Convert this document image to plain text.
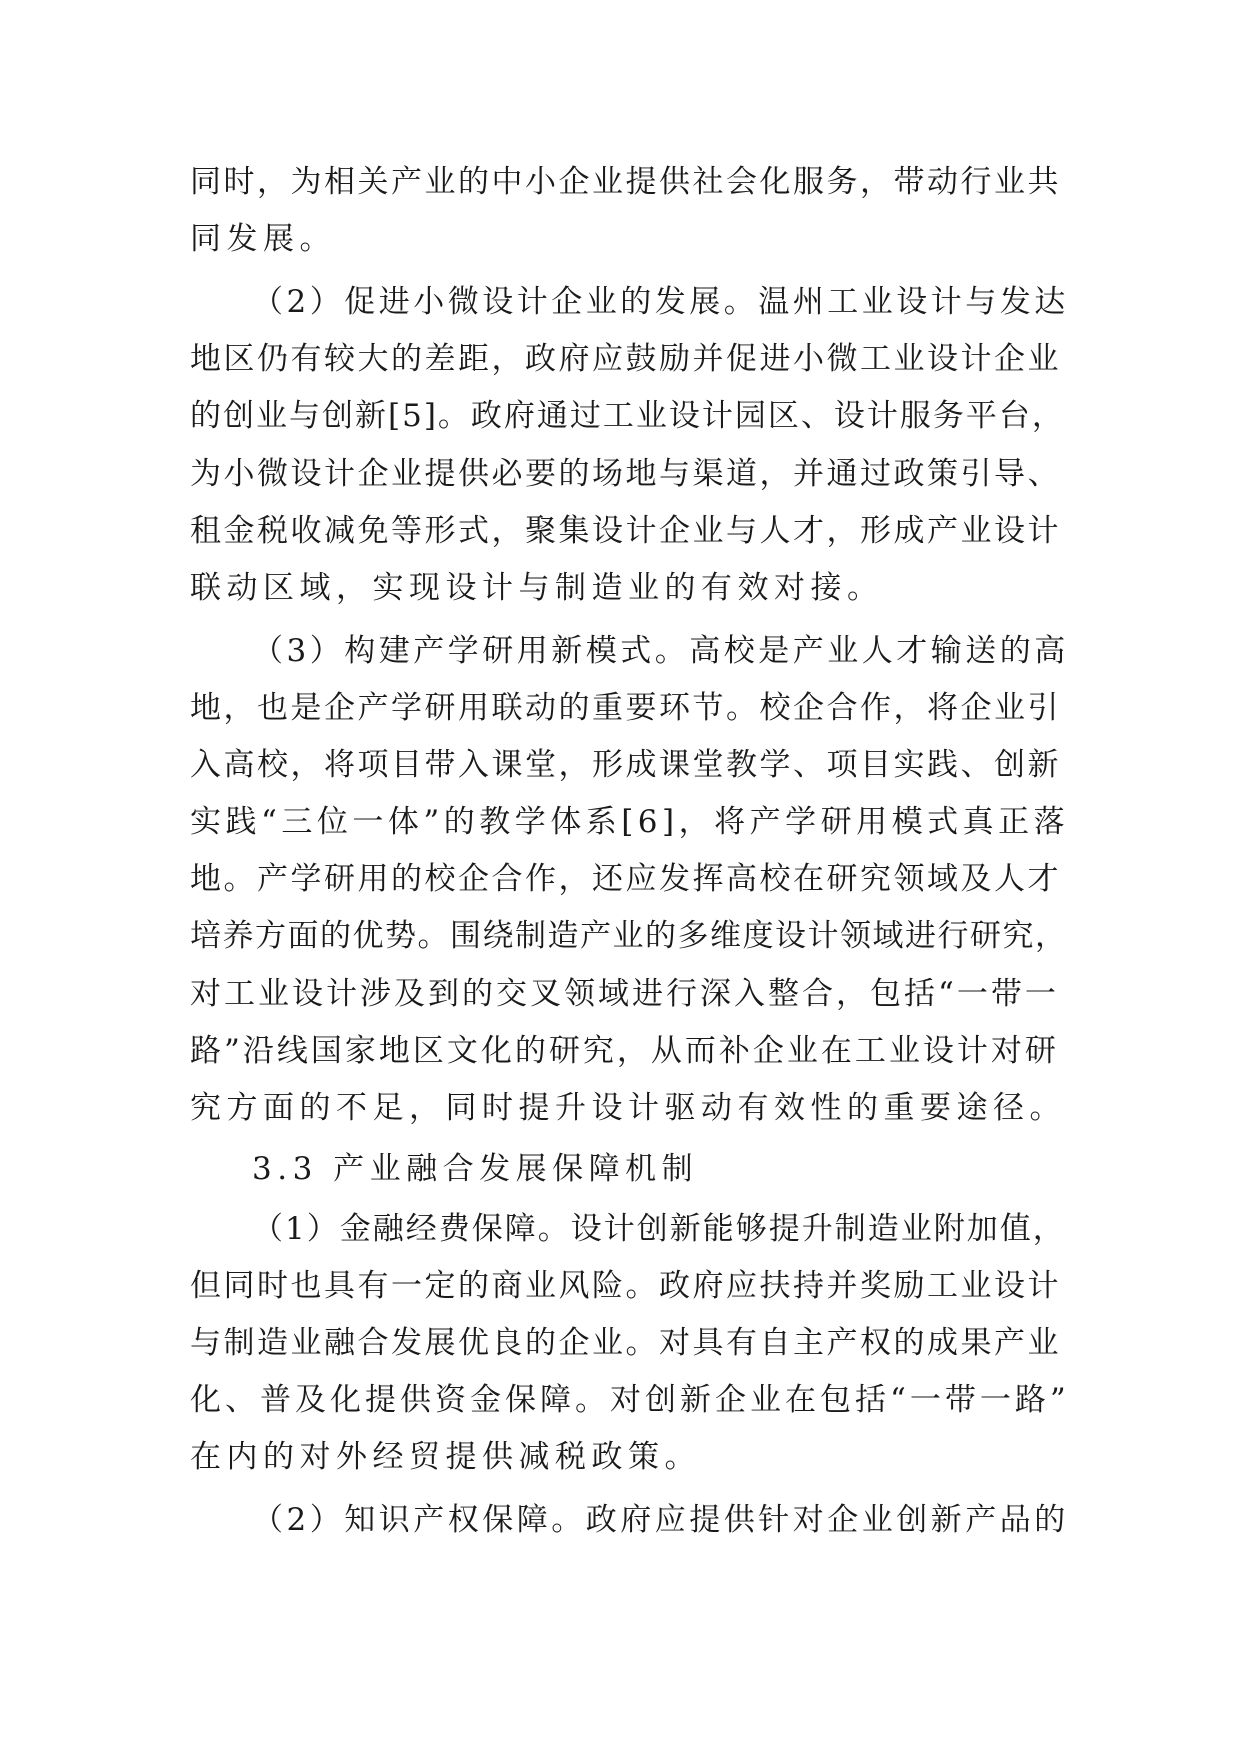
同时，为相关产业的中小企业提供社会化服务，带动行业共
同发展。
（2）促进小微设计企业的发展。温州工业设计与发达
地区仍有较大的差距，政府应鼓励并促进小微工业设计企业
的创业与创新[5]。政府通过工业设计园区、设计服务平台，
为小微设计企业提供必要的场地与渠道，并通过政策引导、
租金税收减免等形式，聚集设计企业与人才，形成产业设计
联动区域，实现设计与制造业的有效对接。
（3）构建产学研用新模式。高校是产业人才输送的高
地，也是企产学研用联动的重要环节。校企合作，将企业引
入高校，将项目带入课堂，形成课堂教学、项目实践、创新
实践“三位一体”的教学体系[6]，将产学研用模式真正落
地。产学研用的校企合作，还应发挥高校在研究领域及人才
培养方面的优势。围绕制造产业的多维度设计领域进行研究，
对工业设计涉及到的交叉领域进行深入整合，包括“一带一
路”沿线国家地区文化的研究，从而补企业在工业设计对研
究方面的不足，同时提升设计驱动有效性的重要途径。
3.3 产业融合发展保障机制
（1）金融经费保障。设计创新能够提升制造业附加值，
但同时也具有一定的商业风险。政府应扶持并奖励工业设计
与制造业融合发展优良的企业。对具有自主产权的成果产业
化、普及化提供资金保障。对创新企业在包括“一带一路”
在内的对外经贸提供减税政策。
（2）知识产权保障。政府应提供针对企业创新产品的
